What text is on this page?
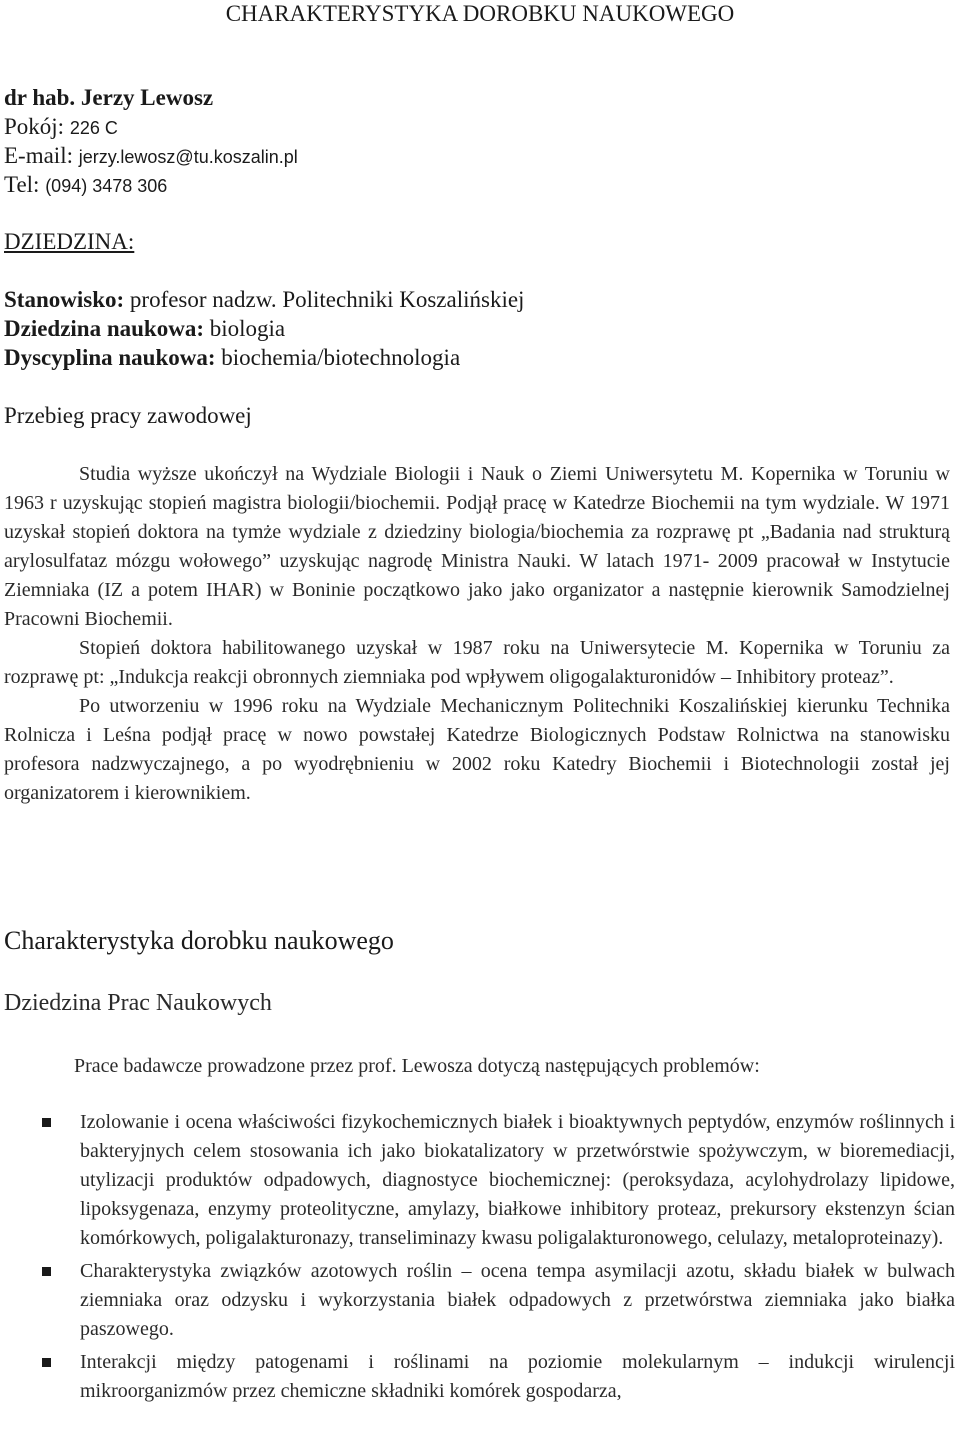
CHARAKTERYSTYKA DOROBKU NAUKOWEGO
dr hab. Jerzy Lewosz
Pokój: 226 C
E-mail: jerzy.lewosz@tu.koszalin.pl
Tel: (094) 3478 306
DZIEDZINA:
Stanowisko: profesor nadzw. Politechniki Koszalińskiej
Dziedzina naukowa: biologia
Dyscyplina naukowa: biochemia/biotechnologia
Przebieg pracy zawodowej

Studia wyższe ukończył na Wydziale Biologii i Nauk o Ziemi Uniwersytetu M. Kopernika w Toruniu w 1963 r uzyskując stopień magistra biologii/biochemii. Podjął pracę w Katedrze Biochemii na tym wydziale. W 1971 uzyskał stopień doktora na tymże wydziale z dziedziny biologia/biochemia za rozprawę pt „Badania nad strukturą arylosulfataz mózgu wołowego” uzyskując nagrodę Ministra Nauki. W latach 1971- 2009 pracował w Instytucie Ziemniaka (IZ a potem IHAR) w Boninie początkowo jako jako organizator a następnie kierownik Samodzielnej Pracowni Biochemii.

Stopień doktora habilitowanego uzyskał w 1987 roku na Uniwersytecie M. Kopernika w Toruniu za rozprawę pt: „Indukcja reakcji obronnych ziemniaka pod wpływem oligogalakturonidów – Inhibitory proteaz”.

Po utworzeniu w 1996 roku na Wydziale Mechanicznym Politechniki Koszalińskiej kierunku Technika Rolnicza i Leśna podjął pracę w nowo powstałej Katedrze Biologicznych Podstaw Rolnictwa na stanowisku profesora nadzwyczajnego, a po wyodrębnieniu w 2002 roku Katedry Biochemii i Biotechnologii został jej organizatorem i kierownikiem.

Charakterystyka dorobku naukowego
Dziedzina Prac Naukowych
Prace badawcze prowadzone przez prof. Lewosza dotyczą następujących problemów:
Izolowanie i ocena właściwości fizykochemicznych białek i bioaktywnych peptydów, enzymów roślinnych i bakteryjnych celem stosowania ich jako biokatalizatory w przetwórstwie spożywczym, w bioremediacji, utylizacji produktów odpadowych, diagnostyce biochemicznej: (peroksydaza, acylohydrolazy lipidowe, lipoksygenaza, enzymy proteolityczne, amylazy, białkowe inhibitory proteaz, prekursory ekstenzyn ścian komórkowych, poligalakturonazy, transeliminazy kwasu poligalakturonowego, celulazy, metaloproteinazy).
Charakterystyka związków azotowych roślin – ocena tempa asymilacji azotu, składu białek w bulwach ziemniaka oraz odzysku i wykorzystania białek odpadowych z przetwórstwa ziemniaka jako białka paszowego.
Interakcji między patogenami i roślinami na poziomie molekularnym – indukcji wirulencji mikroorganizmów przez chemiczne składniki komórek gospodarza,
